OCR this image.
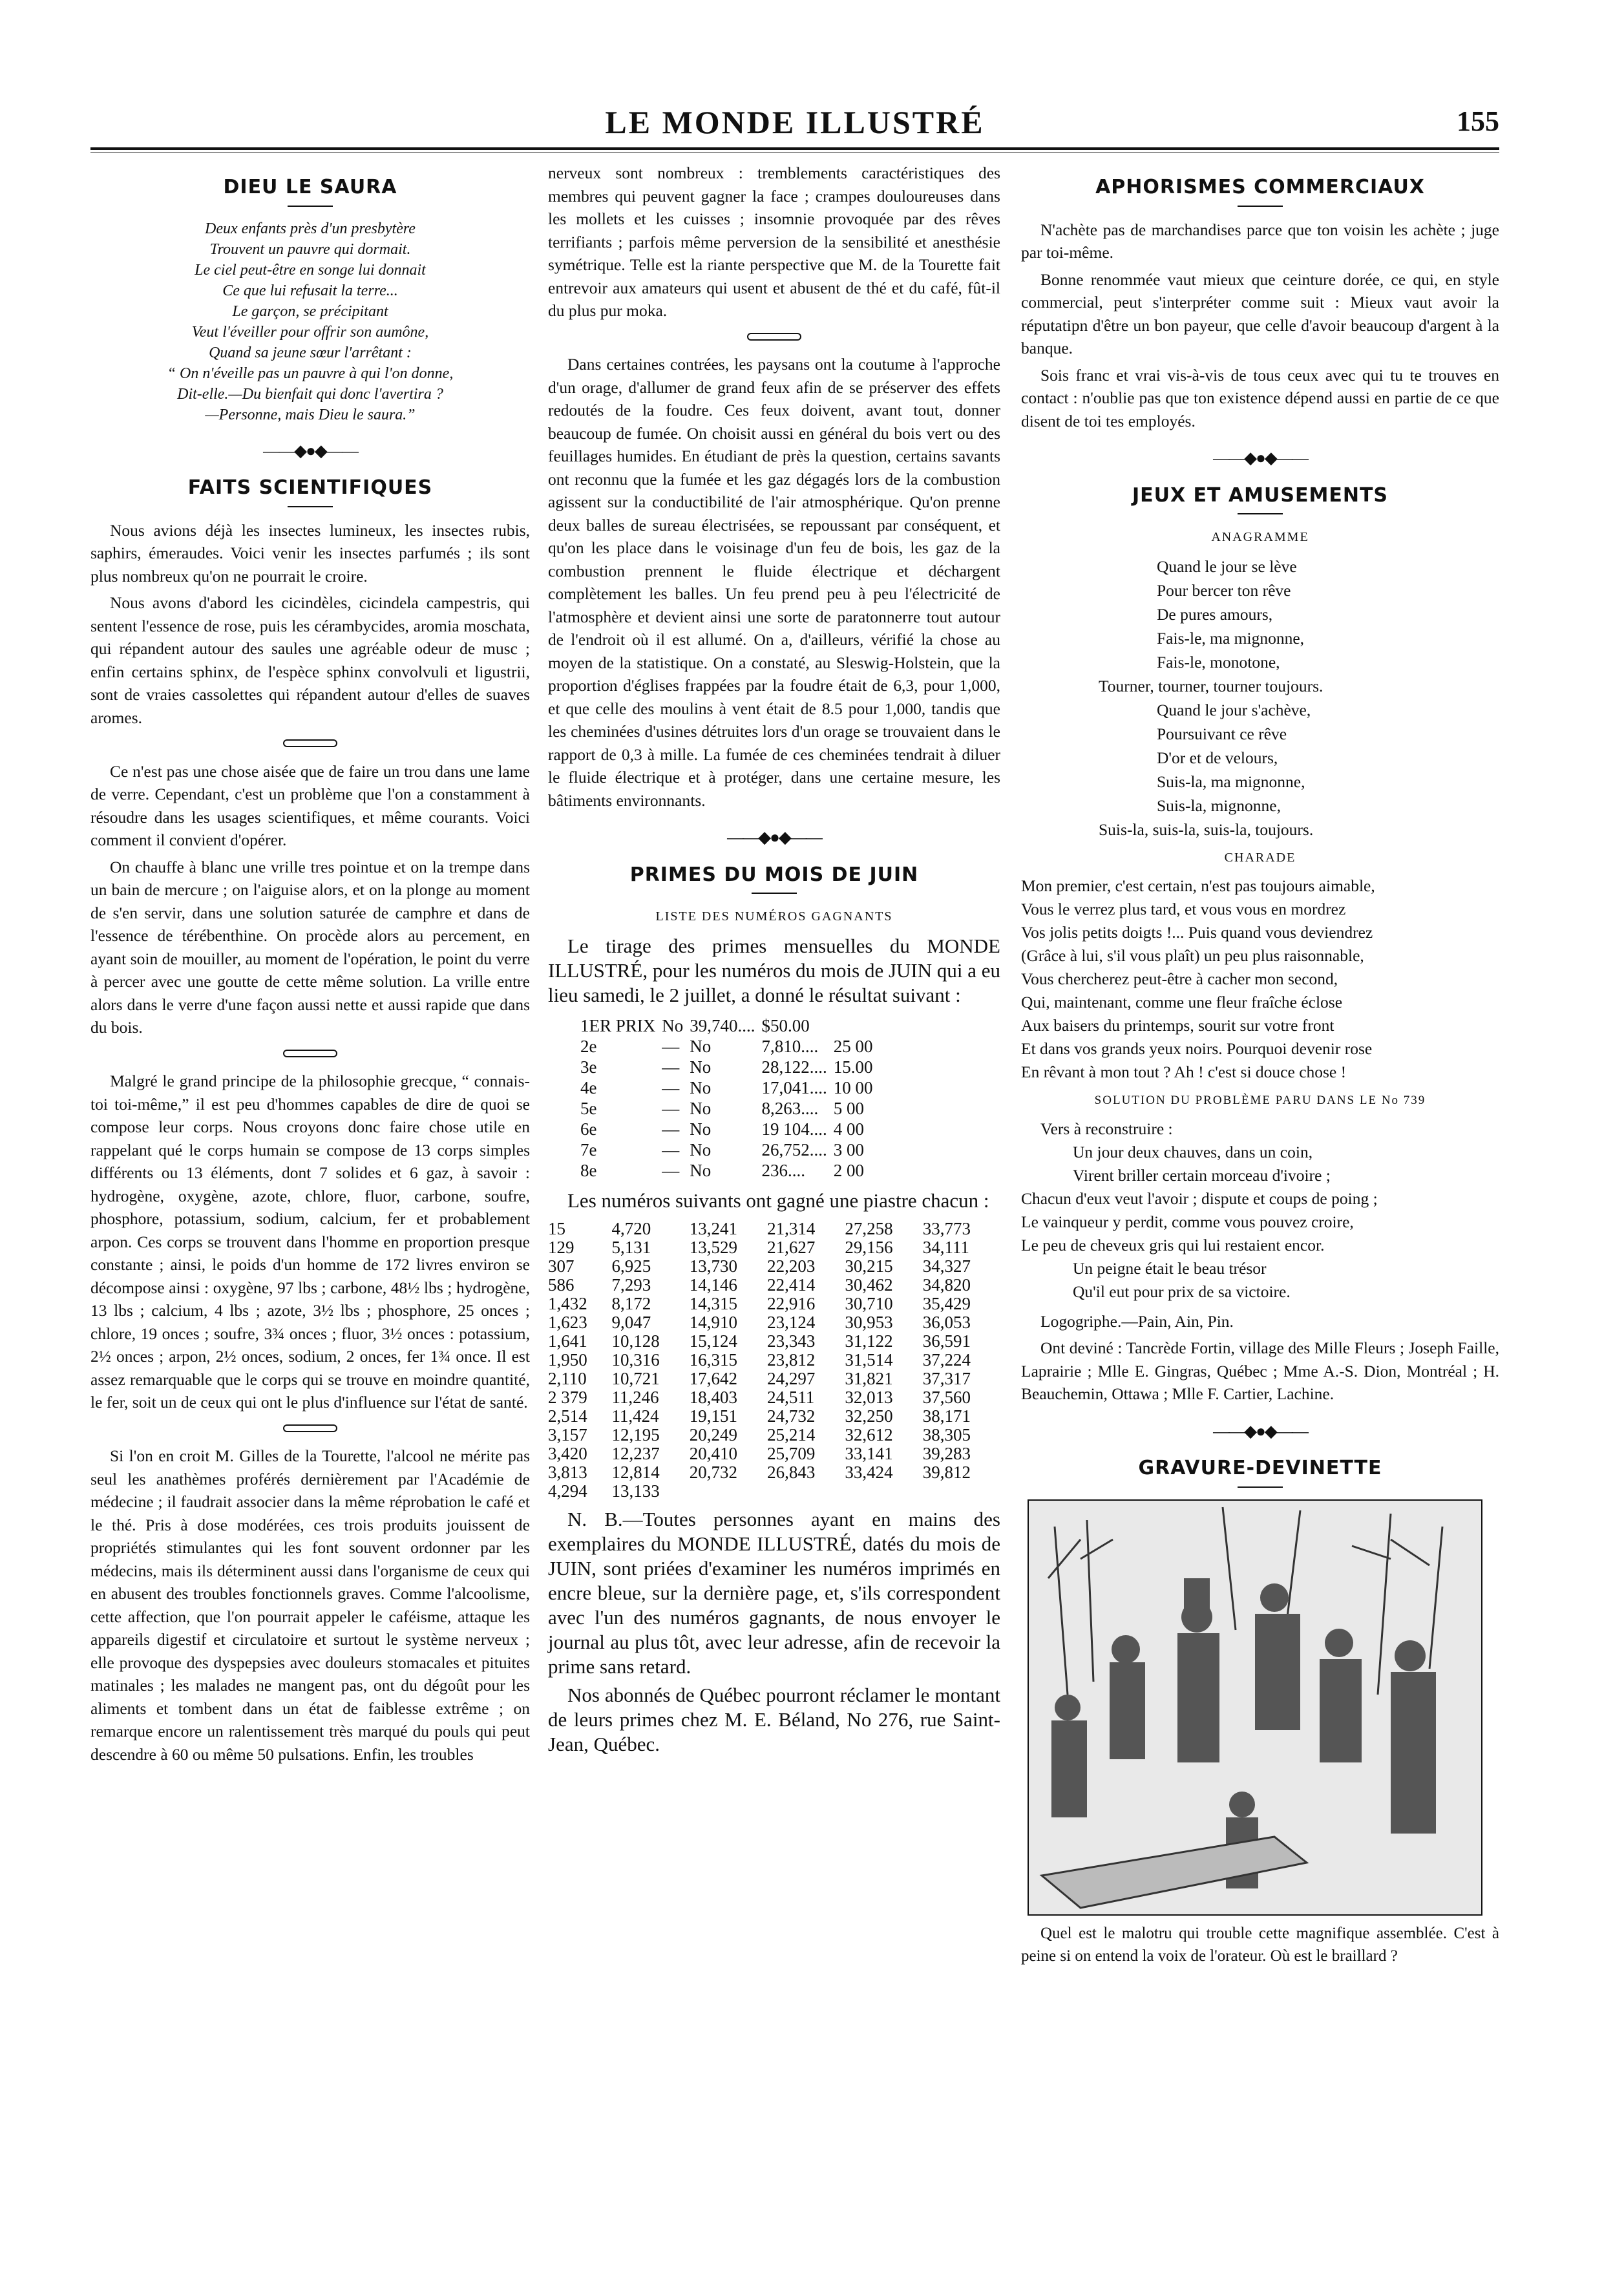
LE MONDE ILLUSTRÉ	155
DIEU LE SAURA
Deux enfants près d'un presbytère
Trouvent un pauvre qui dormait.
Le ciel peut-être en songe lui donnait
Ce que lui refusait la terre...
Le garçon, se précipitant
Veut l'éveiller pour offrir son aumône,
Quand sa jeune sœur l'arrêtant :
“ On n'éveille pas un pauvre à qui l'on donne,
Dit-elle.—Du bienfait qui donc l'avertira ?
—Personne, mais Dieu le saura.”
——◆●◆——
FAITS SCIENTIFIQUES

Nous avions déjà les insectes lumineux, les insectes rubis, saphirs, émeraudes. Voici venir les insectes parfumés ; ils sont plus nombreux qu'on ne pourrait le croire.

Nous avons d'abord les cicindèles, cicindela campestris, qui sentent l'essence de rose, puis les cérambycides, aromia moschata, qui répandent autour des saules une agréable odeur de musc ; enfin certains sphinx, de l'espèce sphinx convolvuli et ligustrii, sont de vraies cassolettes qui répandent autour d'elles de suaves aromes.

Ce n'est pas une chose aisée que de faire un trou dans une lame de verre. Cependant, c'est un problème que l'on a constamment à résoudre dans les usages scientifiques, et même courants. Voici comment il convient d'opérer.

On chauffe à blanc une vrille tres pointue et on la trempe dans un bain de mercure ; on l'aiguise alors, et on la plonge au moment de s'en servir, dans une solution saturée de camphre et dans de l'essence de térébenthine. On procède alors au percement, en ayant soin de mouiller, au moment de l'opération, le point du verre à percer avec une goutte de cette même solution. La vrille entre alors dans le verre d'une façon aussi nette et aussi rapide que dans du bois.

Malgré le grand principe de la philosophie grecque, “ connais-toi toi-même,” il est peu d'hommes capables de dire de quoi se compose leur corps. Nous croyons donc faire chose utile en rappelant qué le corps humain se compose de 13 corps simples différents ou 13 éléments, dont 7 solides et 6 gaz, à savoir : hydrogène, oxygène, azote, chlore, fluor, carbone, soufre, phosphore, potassium, sodium, calcium, fer et probablement arpon. Ces corps se trouvent dans l'homme en proportion presque constante ; ainsi, le poids d'un homme de 172 livres environ se décompose ainsi : oxygène, 97 lbs ; carbone, 48½ lbs ; hydrogène, 13 lbs ; calcium, 4 lbs ; azote, 3½ lbs ; phosphore, 25 onces ; chlore, 19 onces ; soufre, 3¾ onces ; fluor, 3½ onces : potassium, 2½ onces ; arpon, 2½ onces, sodium, 2 onces, fer 1¾ once. Il est assez remarquable que le corps qui se trouve en moindre quantité, le fer, soit un de ceux qui ont le plus d'influence sur l'état de santé.

Si l'on en croit M. Gilles de la Tourette, l'alcool ne mérite pas seul les anathèmes proférés dernièrement par l'Académie de médecine ; il faudrait associer dans la même réprobation le café et le thé. Pris à dose modérées, ces trois produits jouissent de propriétés stimulantes qui les font souvent ordonner par les médecins, mais ils déterminent aussi dans l'organisme de ceux qui en abusent des troubles fonctionnels graves. Comme l'alcoolisme, cette affection, que l'on pourrait appeler le caféisme, attaque les appareils digestif et circulatoire et surtout le système nerveux ; elle provoque des dyspepsies avec douleurs stomacales et pituites matinales ; les malades ne mangent pas, ont du dégoût pour les aliments et tombent dans un état de faiblesse extrême ; on remarque encore un ralentissement très marqué du pouls qui peut descendre à 60 ou même 50 pulsations. Enfin, les troubles

nerveux sont nombreux : tremblements caractéristiques des membres qui peuvent gagner la face ; crampes douloureuses dans les mollets et les cuisses ; insomnie provoquée par des rêves terrifiants ; parfois même perversion de la sensibilité et anesthésie symétrique. Telle est la riante perspective que M. de la Tourette fait entrevoir aux amateurs qui usent et abusent de thé et du café, fût-il du plus pur moka.

Dans certaines contrées, les paysans ont la coutume à l'approche d'un orage, d'allumer de grand feux afin de se préserver des effets redoutés de la foudre. Ces feux doivent, avant tout, donner beaucoup de fumée. On choisit aussi en général du bois vert ou des feuillages humides. En étudiant de près la question, certains savants ont reconnu que la fumée et les gaz dégagés lors de la combustion agissent sur la conductibilité de l'air atmosphérique. Qu'on prenne deux balles de sureau électrisées, se repoussant par conséquent, et qu'on les place dans le voisinage d'un feu de bois, les gaz de la combustion prennent le fluide électrique et déchargent complètement les balles. Un feu prend peu à peu l'électricité de l'atmosphère et devient ainsi une sorte de paratonnerre tout autour de l'endroit où il est allumé. On a, d'ailleurs, vérifié la chose au moyen de la statistique. On a constaté, au Sleswig-Holstein, que la proportion d'églises frappées par la foudre était de 6,3, pour 1,000, et que celle des moulins à vent était de 8.5 pour 1,000, tandis que les cheminées d'usines détruites lors d'un orage se trouvaient dans le rapport de 0,3 à mille. La fumée de ces cheminées tendrait à diluer le fluide électrique et à protéger, dans une certaine mesure, les bâtiments environnants.

——◆●◆——
PRIMES DU MOIS DE JUIN
LISTE DES NUMÉROS GAGNANTS

Le tirage des primes mensuelles du MONDE ILLUSTRÉ, pour les numéros du mois de JUIN qui a eu lieu samedi, le 2 juillet, a donné le résultat suivant :

1ER PRIX	No	39,740....	$50.00	
2e	—	No	7,810....	25 00
3e	—	No	28,122....	15.00
4e	—	No	17,041....	10 00
5e	—	No	8,263....	5 00
6e	—	No	19 104....	4 00
7e	—	No	26,752....	3 00
8e	—	No	236....	2 00

Les numéros suivants ont gagné une piastre chacun :

15	4,720	13,241	21,314	27,258	33,773
129	5,131	13,529	21,627	29,156	34,111
307	6,925	13,730	22,203	30,215	34,327
586	7,293	14,146	22,414	30,462	34,820
1,432	8,172	14,315	22,916	30,710	35,429
1,623	9,047	14,910	23,124	30,953	36,053
1,641	10,128	15,124	23,343	31,122	36,591
1,950	10,316	16,315	23,812	31,514	37,224
2,110	10,721	17,642	24,297	31,821	37,317
2 379	11,246	18,403	24,511	32,013	37,560
2,514	11,424	19,151	24,732	32,250	38,171
3,157	12,195	20,249	25,214	32,612	38,305
3,420	12,237	20,410	25,709	33,141	39,283
3,813	12,814	20,732	26,843	33,424	39,812
4,294	13,133				

N. B.—Toutes personnes ayant en mains des exemplaires du MONDE ILLUSTRÉ, datés du mois de JUIN, sont priées d'examiner les numéros imprimés en encre bleue, sur la dernière page, et, s'ils correspondent avec l'un des numéros gagnants, de nous envoyer le journal au plus tôt, avec leur adresse, afin de recevoir la prime sans retard.

Nos abonnés de Québec pourront réclamer le montant de leurs primes chez M. E. Béland, No 276, rue Saint-Jean, Québec.

APHORISMES COMMERCIAUX

N'achète pas de marchandises parce que ton voisin les achète ; juge par toi-même.

Bonne renommée vaut mieux que ceinture dorée, ce qui, en style commercial, peut s'interpréter comme suit : Mieux vaut avoir la réputatipn d'être un bon payeur, que celle d'avoir beaucoup d'argent à la banque.

Sois franc et vrai vis-à-vis de tous ceux avec qui tu te trouves en contact : n'oublie pas que ton existence dépend aussi en partie de ce que disent de toi tes employés.

——◆●◆——
JEUX ET AMUSEMENTS
ANAGRAMME
Quand le jour se lève
Pour bercer ton rêve
De pures amours,
Fais-le, ma mignonne,
Fais-le, monotone,
Tourner, tourner, tourner toujours.
Quand le jour s'achève,
Poursuivant ce rêve
D'or et de velours,
Suis-la, ma mignonne,
Suis-la, mignonne,
Suis-la, suis-la, suis-la, toujours.
CHARADE
Mon premier, c'est certain, n'est pas toujours aimable,
Vous le verrez plus tard, et vous vous en mordrez
Vos jolis petits doigts !... Puis quand vous deviendrez
(Grâce à lui, s'il vous plaît) un peu plus raisonnable,
Vous chercherez peut-être à cacher mon second,
Qui, maintenant, comme une fleur fraîche éclose
Aux baisers du printemps, sourit sur votre front
Et dans vos grands yeux noirs. Pourquoi devenir rose
En rêvant à mon tout ? Ah ! c'est si douce chose !
SOLUTION DU PROBLÈME PARU DANS LE No 739
Vers à reconstruire :
Un jour deux chauves, dans un coin,
Virent briller certain morceau d'ivoire ;
Chacun d'eux veut l'avoir ; dispute et coups de poing ;
Le vainqueur y perdit, comme vous pouvez croire,
Le peu de cheveux gris qui lui restaient encor.
Un peigne était le beau trésor
Qu'il eut pour prix de sa victoire.

Logogriphe.—Pain, Ain, Pin.

Ont deviné : Tancrède Fortin, village des Mille Fleurs ; Joseph Faille, Laprairie ; Mlle E. Gingras, Québec ; Mme A.-S. Dion, Montréal ; H. Beauchemin, Ottawa ; Mlle F. Cartier, Lachine.

——◆●◆——
GRAVURE-DEVINETTE

Quel est le malotru qui trouble cette magnifique assemblée. C'est à peine si on entend la voix de l'orateur. Où est le braillard ?
